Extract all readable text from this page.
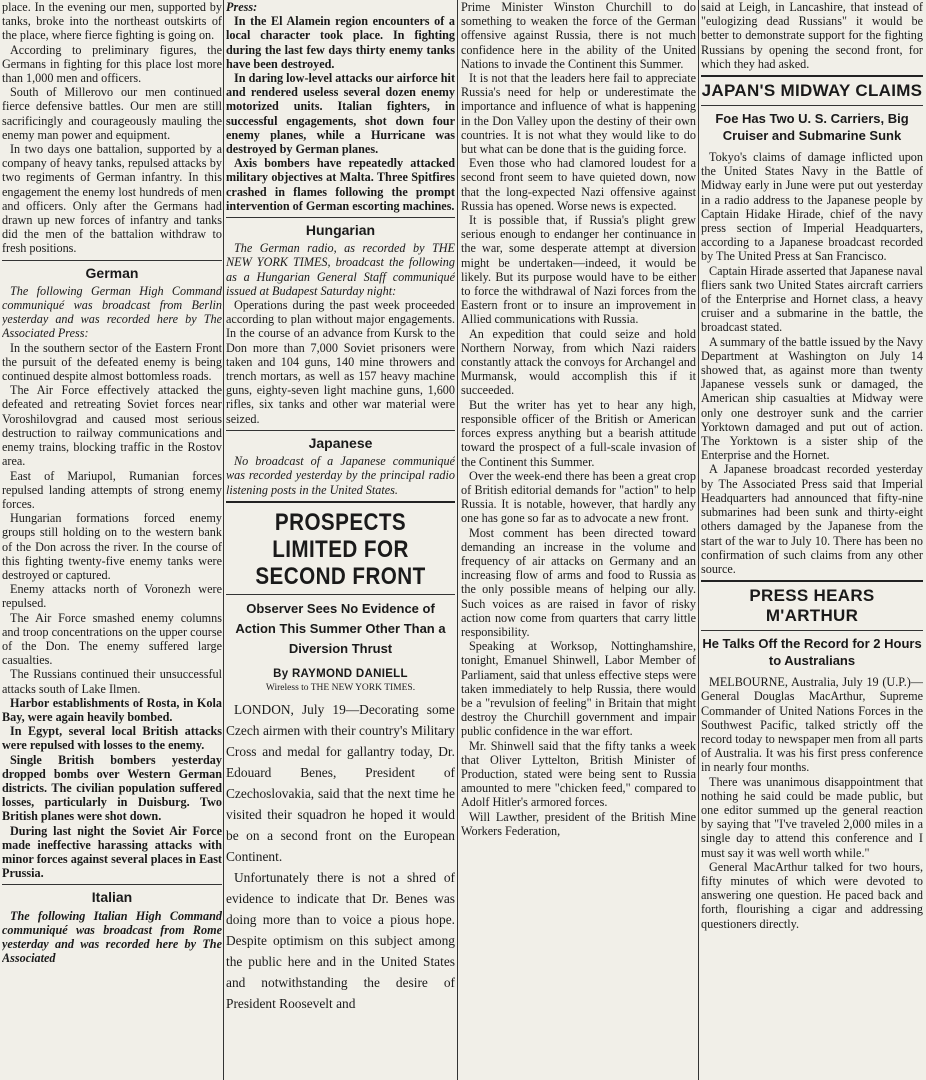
place. In the evening our men, supported by tanks, broke into the northeast outskirts of the place, where fierce fighting is going on.

According to preliminary figures, the Germans in fighting for this place lost more than 1,000 men and officers.

South of Millerovo our men continued fierce defensive battles. Our men are still sacrificingly and courageously mauling the enemy man power and equipment.

In two days one battalion, supported by a company of heavy tanks, repulsed attacks by two regiments of German infantry. In this engagement the enemy lost hundreds of men and officers. Only after the Germans had drawn up new forces of infantry and tanks did the men of the battalion withdraw to fresh positions.

German

The following German High Command communiqué was broadcast from Berlin yesterday and was recorded here by The Associated Press:

In the southern sector of the Eastern Front the pursuit of the defeated enemy is being continued despite almost bottomless roads.

The Air Force effectively attacked the defeated and retreating Soviet forces near Voroshilovgrad and caused most serious destruction to railway communications and enemy trains, blocking traffic in the Rostov area.

East of Mariupol, Rumanian forces repulsed landing attempts of strong enemy forces.

Hungarian formations forced enemy groups still holding on to the western bank of the Don across the river. In the course of this fighting twenty-five enemy tanks were destroyed or captured.

Enemy attacks north of Voronezh were repulsed.

The Air Force smashed enemy columns and troop concentrations on the upper course of the Don. The enemy suffered large casualties.

The Russians continued their unsuccessful attacks south of Lake Ilmen.

Harbor establishments of Rosta, in Kola Bay, were again heavily bombed.

In Egypt, several local British attacks were repulsed with losses to the enemy.

Single British bombers yesterday dropped bombs over Western German districts. The civilian population suffered losses, particularly in Duisburg. Two British planes were shot down.

During last night the Soviet Air Force made ineffective harassing attacks with minor forces against several places in East Prussia.

Italian

The following Italian High Command communiqué was broadcast from Rome yesterday and was recorded here by The Associated

Press:

In the El Alamein region encounters of a local character took place. In fighting during the last few days thirty enemy tanks have been destroyed.

In daring low-level attacks our airforce hit and rendered useless several dozen enemy motorized units. Italian fighters, in successful engagements, shot down four enemy planes, while a Hurricane was destroyed by German planes.

Axis bombers have repeatedly attacked military objectives at Malta. Three Spitfires crashed in flames following the prompt intervention of German escorting machines.

Hungarian

The German radio, as recorded by THE NEW YORK TIMES, broadcast the following as a Hungarian General Staff communiqué issued at Budapest Saturday night:

Operations during the past week proceeded according to plan without major engagements. In the course of an advance from Kursk to the Don more than 7,000 Soviet prisoners were taken and 104 guns, 140 mine throwers and trench mortars, as well as 157 heavy machine guns, eighty-seven light machine guns, 1,600 rifles, six tanks and other war material were seized.

Japanese

No broadcast of a Japanese communiqué was recorded yesterday by the principal radio listening posts in the United States.

PROSPECTS LIMITED FOR SECOND FRONT
Observer Sees No Evidence of Action This Summer Other Than a Diversion Thrust
By RAYMOND DANIELL
Wireless to THE NEW YORK TIMES.

LONDON, July 19—Decorating some Czech airmen with their country's Military Cross and medal for gallantry today, Dr. Edouard Benes, President of Czechoslovakia, said that the next time he visited their squadron he hoped it would be on a second front on the European Continent.

Unfortunately there is not a shred of evidence to indicate that Dr. Benes was doing more than to voice a pious hope. Despite optimism on this subject among the public here and in the United States and notwithstanding the desire of President Roosevelt and

Prime Minister Winston Churchill to do something to weaken the force of the German offensive against Russia, there is not much confidence here in the ability of the United Nations to invade the Continent this Summer.

It is not that the leaders here fail to appreciate Russia's need for help or underestimate the importance and influence of what is happening in the Don Valley upon the destiny of their own countries. It is not what they would like to do but what can be done that is the guiding force.

Even those who had clamored loudest for a second front seem to have quieted down, now that the long-expected Nazi offensive against Russia has opened. Worse news is expected.

It is possible that, if Russia's plight grew serious enough to endanger her continuance in the war, some desperate attempt at diversion might be undertaken—indeed, it would be likely. But its purpose would have to be either to force the withdrawal of Nazi forces from the Eastern front or to insure an improvement in Allied communications with Russia.

An expedition that could seize and hold Northern Norway, from which Nazi raiders constantly attack the convoys for Archangel and Murmansk, would accomplish this if it succeeded.

But the writer has yet to hear any high, responsible officer of the British or American forces express anything but a bearish attitude toward the prospect of a full-scale invasion of the Continent this Summer.

Over the week-end there has been a great crop of British editorial demands for "action" to help Russia. It is notable, however, that hardly any one has gone so far as to advocate a new front.

Most comment has been directed toward demanding an increase in the volume and frequency of air attacks on Germany and an increasing flow of arms and food to Russia as the only possible means of helping our ally. Such voices as are raised in favor of risky action now come from quarters that carry little responsibility.

Speaking at Worksop, Nottinghamshire, tonight, Emanuel Shinwell, Labor Member of Parliament, said that unless effective steps were taken immediately to help Russia, there would be a "revulsion of feeling" in Britain that might destroy the Churchill government and impair public confidence in the war effort.

Mr. Shinwell said that the fifty tanks a week that Oliver Lyttelton, British Minister of Production, stated were being sent to Russia amounted to mere "chicken feed," compared to Adolf Hitler's armored forces.

Will Lawther, president of the British Mine Workers Federation,

said at Leigh, in Lancashire, that instead of "eulogizing dead Russians" it would be better to demonstrate support for the fighting Russians by opening the second front, for which they had asked.

JAPAN'S MIDWAY CLAIMS
Foe Has Two U. S. Carriers, Big Cruiser and Submarine Sunk

Tokyo's claims of damage inflicted upon the United States Navy in the Battle of Midway early in June were put out yesterday in a radio address to the Japanese people by Captain Hidake Hirade, chief of the navy press section of Imperial Headquarters, according to a Japanese broadcast recorded by The United Press at San Francisco.

Captain Hirade asserted that Japanese naval fliers sank two United States aircraft carriers of the Enterprise and Hornet class, a heavy cruiser and a submarine in the battle, the broadcast stated.

A summary of the battle issued by the Navy Department at Washington on July 14 showed that, as against more than twenty Japanese vessels sunk or damaged, the American ship casualties at Midway were only one destroyer sunk and the carrier Yorktown damaged and put out of action. The Yorktown is a sister ship of the Enterprise and the Hornet.

A Japanese broadcast recorded yesterday by The Associated Press said that Imperial Headquarters had announced that fifty-nine submarines had been sunk and thirty-eight others damaged by the Japanese from the start of the war to July 10. There has been no confirmation of such claims from any other source.

PRESS HEARS M'ARTHUR
He Talks Off the Record for 2 Hours to Australians

MELBOURNE, Australia, July 19 (U.P.)—General Douglas MacArthur, Supreme Commander of United Nations Forces in the Southwest Pacific, talked strictly off the record today to newspaper men from all parts of Australia. It was his first press conference in nearly four months.

There was unanimous disappointment that nothing he said could be made public, but one editor summed up the general reaction by saying that "I've traveled 2,000 miles in a single day to attend this conference and I must say it was well worth while."

General MacArthur talked for two hours, fifty minutes of which were devoted to answering one question. He paced back and forth, flourishing a cigar and addressing questioners directly.
